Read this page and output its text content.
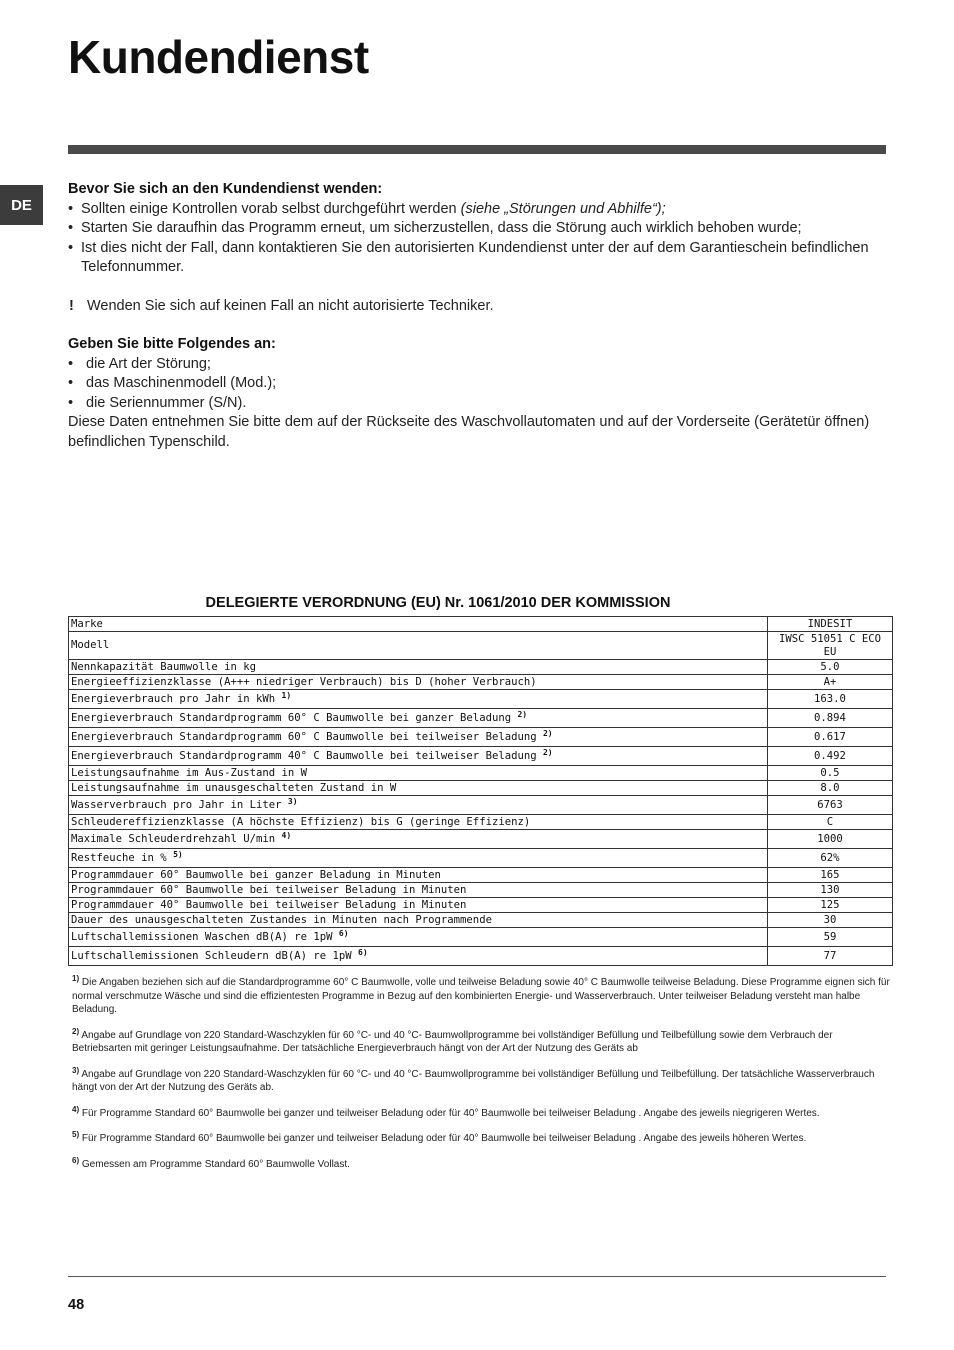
Kundendienst
DE
Bevor Sie sich an den Kundendienst wenden:
• Sollten einige Kontrollen vorab selbst durchgeführt werden (siehe „Störungen und Abhilfe“);
• Starten Sie daraufhin das Programm erneut, um sicherzustellen, dass die Störung auch wirklich behoben wurde;
• Ist dies nicht der Fall, dann kontaktieren Sie den autorisierten Kundendienst unter der auf dem Garantieschein befindlichen Telefonnummer.
! Wenden Sie sich auf keinen Fall an nicht autorisierte Techniker.
Geben Sie bitte Folgendes an:
• die Art der Störung;
• das Maschinenmodell (Mod.);
• die Seriennummer (S/N).
Diese Daten entnehmen Sie bitte dem auf der Rückseite des Waschvollautomaten und auf der Vorderseite (Gerätetür öffnen) befindlichen Typenschild.
DELEGIERTE VERORDNUNG (EU) Nr. 1061/2010 DER KOMMISSION
Marke	INDESIT
Modell	IWSC 51051 C ECO EU
Nennkapazität Baumwolle in kg	5.0
Energieeffizienzklasse (A+++ niedriger Verbrauch) bis D (hoher Verbrauch)	A+
Energieverbrauch pro Jahr in kWh $^{1)}$	163.0
Energieverbrauch Standardprogramm 60° C Baumwolle bei ganzer Beladung $^{2)}$	0.894
Energieverbrauch Standardprogramm 60° C Baumwolle bei teilweiser Beladung $^{2)}$	0.617
Energieverbrauch Standardprogramm 40° C Baumwolle bei teilweiser Beladung $^{2)}$	0.492
Leistungsaufnahme im Aus-Zustand in W	0.5
Leistungsaufnahme im unausgeschalteten Zustand in W	8.0
Wasserverbrauch pro Jahr in Liter $^{3)}$	6763
Schleudereffizienzklasse (A höchste Effizienz) bis G (geringe Effizienz)	C
Maximale Schleuderdrehzahl U/min $^{4)}$	1000
Restfeuche in % $^{5)}$	62%
Programmdauer 60° Baumwolle bei ganzer Beladung in Minuten	165
Programmdauer 60° Baumwolle bei teilweiser Beladung in Minuten	130
Programmdauer 40° Baumwolle bei teilweiser Beladung in Minuten	125
Dauer des unausgeschalteten Zustandes in Minuten nach Programmende	30
Luftschallemissionen Waschen dB(A) re 1pW $^{6)}$	59
Luftschallemissionen Schleudern dB(A) re 1pW $^{6)}$	77

$^{1)}$ Die Angaben beziehen sich auf die Standardprogramme 60° C Baumwolle, volle und teilweise Beladung sowie 40° C Baumwolle teilweise Beladung. Diese Programme eignen sich für normal verschmutze Wäsche und sind die effizientesten Programme in Bezug auf den kombinierten Energie- und Wasserverbrauch. Unter teilweiser Beladung versteht man halbe Beladung.

$^{2)}$ Angabe auf Grundlage von 220 Standard-Waschzyklen für 60 °C- und 40 °C- Baumwollprogramme bei vollständiger Befüllung und Teilbefüllung sowie dem Verbrauch der Betriebsarten mit geringer Leistungsaufnahme. Der tatsächliche Energieverbrauch hängt von der Art der Nutzung des Geräts ab

$^{3)}$ Angabe auf Grundlage von 220 Standard-Waschzyklen für 60 °C- und 40 °C- Baumwollprogramme bei vollständiger Befüllung und Teilbefüllung. Der tatsächliche Wasserverbrauch hängt von der Art der Nutzung des Geräts ab.

$^{4)}$ Für Programme Standard 60° Baumwolle bei ganzer und teilweiser Beladung oder für 40° Baumwolle bei teilweiser Beladung . Angabe des jeweils niegrigeren Wertes.

$^{5)}$ Für Programme Standard 60° Baumwolle bei ganzer und teilweiser Beladung oder für 40° Baumwolle bei teilweiser Beladung . Angabe des jeweils höheren Wertes.

$^{6)}$ Gemessen am Programme Standard 60° Baumwolle Vollast.

48
